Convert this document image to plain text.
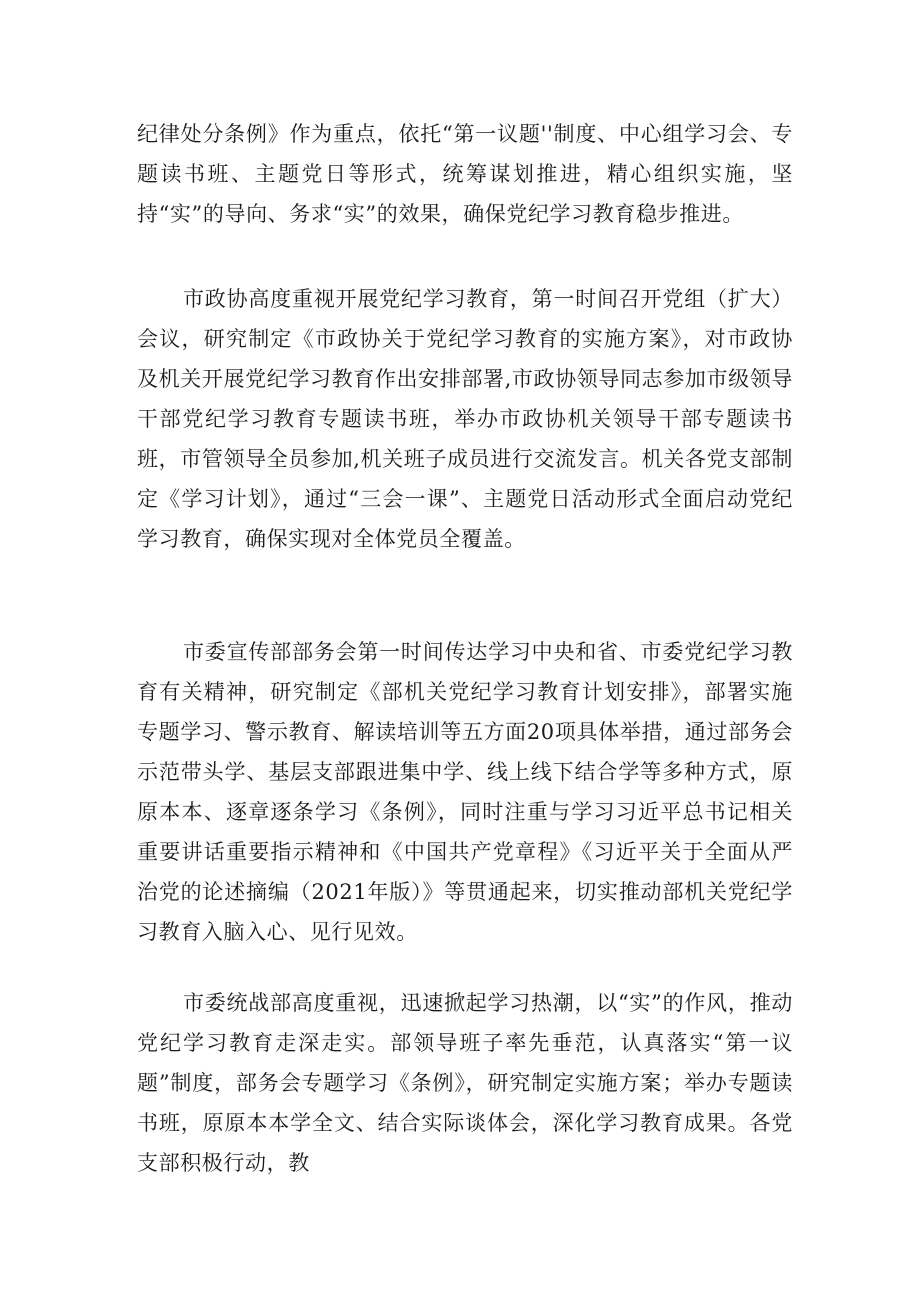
纪律处分条例》作为重点，依托“第一议题''制度、中心组学习会、专题读书班、主题党日等形式，统筹谋划推进，精心组织实施，坚持“实”的导向、务求“实”的效果，确保党纪学习教育稳步推进。

市政协高度重视开展党纪学习教育，第一时间召开党组（扩大）会议，研究制定《市政协关于党纪学习教育的实施方案》，对市政协及机关开展党纪学习教育作出安排部署,市政协领导同志参加市级领导干部党纪学习教育专题读书班，举办市政协机关领导干部专题读书班，市管领导全员参加,机关班子成员进行交流发言。机关各党支部制定《学习计划》，通过“三会一课”、主题党日活动形式全面启动党纪学习教育，确保实现对全体党员全覆盖。

市委宣传部部务会第一时间传达学习中央和省、市委党纪学习教育有关精神，研究制定《部机关党纪学习教育计划安排》，部署实施专题学习、警示教育、解读培训等五方面20项具体举措，通过部务会示范带头学、基层支部跟进集中学、线上线下结合学等多种方式，原原本本、逐章逐条学习《条例》，同时注重与学习习近平总书记相关重要讲话重要指示精神和《中国共产党章程》《习近平关于全面从严治党的论述摘编（2021年版）》等贯通起来，切实推动部机关党纪学习教育入脑入心、见行见效。

市委统战部高度重视，迅速掀起学习热潮，以“实”的作风，推动党纪学习教育走深走实。部领导班子率先垂范，认真落实“第一议题”制度，部务会专题学习《条例》，研究制定实施方案；举办专题读书班，原原本本学全文、结合实际谈体会，深化学习教育成果。各党支部积极行动，教
